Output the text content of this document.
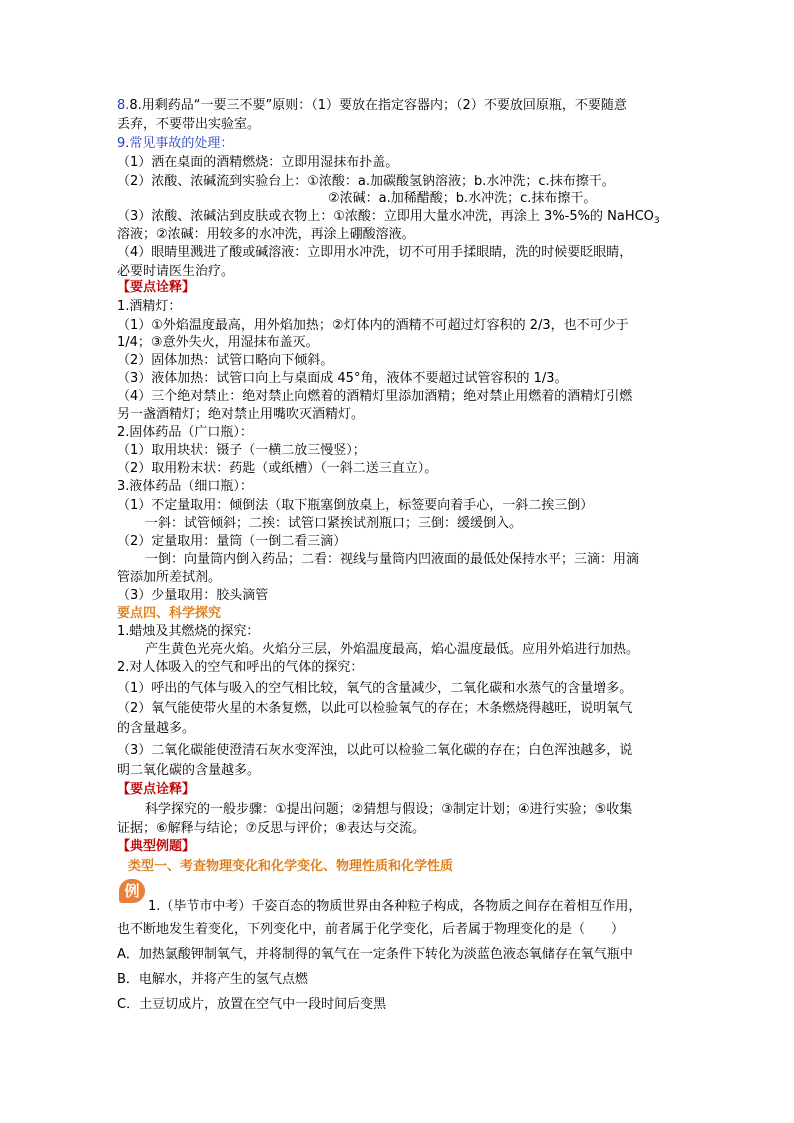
8.8.用剩药品“一要三不要”原则：（1）要放在指定容器内；（2）不要放回原瓶，不要随意
丢弃，不要带出实验室。
9.常见事故的处理：
（1）洒在桌面的酒精燃烧：立即用湿抹布扑盖。
（2）浓酸、浓碱流到实验台上：①浓酸：a.加碳酸氢钠溶液；b.水冲洗；c.抹布擦干。
②浓碱：a.加稀醋酸；b.水冲洗；c.抹布擦干。
（3）浓酸、浓碱沾到皮肤或衣物上：①浓酸：立即用大量水冲洗，再涂上 3%-5%的 NaHCO$_3$
溶液；②浓碱：用较多的水冲洗，再涂上硼酸溶液。
（4）眼睛里溅进了酸或碱溶液：立即用水冲洗，切不可用手揉眼睛，洗的时候要眨眼睛，
必要时请医生治疗。
【要点诠释】
1.酒精灯：
（1）①外焰温度最高，用外焰加热；②灯体内的酒精不可超过灯容积的 2/3，也不可少于
1/4；③意外失火，用湿抹布盖灭。
（2）固体加热：试管口略向下倾斜。
（3）液体加热：试管口向上与桌面成 45°角，液体不要超过试管容积的 1/3。
（4）三个绝对禁止：绝对禁止向燃着的酒精灯里添加酒精；绝对禁止用燃着的酒精灯引燃
另一盏酒精灯；绝对禁止用嘴吹灭酒精灯。
2.固体药品（广口瓶）：
（1）取用块状：镊子（一横二放三慢竖）；
（2）取用粉末状：药匙（或纸槽）（一斜二送三直立）。
3.液体药品（细口瓶）：
（1）不定量取用：倾倒法（取下瓶塞倒放桌上，标签要向着手心，一斜二挨三倒）
一斜：试管倾斜；二挨：试管口紧挨试剂瓶口；三倒：缓缓倒入。
（2）定量取用：量筒（一倒二看三滴）
一倒：向量筒内倒入药品；二看：视线与量筒内凹液面的最低处保持水平；三滴：用滴
管添加所差拭剂。
（3）少量取用：胶头滴管
要点四、科学探究
1.蜡烛及其燃烧的探究：
产生黄色光亮火焰。火焰分三层，外焰温度最高，焰心温度最低。应用外焰进行加热。
2.对人体吸入的空气和呼出的气体的探究：
（1）呼出的气体与吸入的空气相比较，氧气的含量减少，二氧化碳和水蒸气的含量增多。
（2）氧气能使带火星的木条复燃，以此可以检验氧气的存在；木条燃烧得越旺，说明氧气
的含量越多。
（3）二氧化碳能使澄清石灰水变浑浊，以此可以检验二氧化碳的存在；白色浑浊越多，说
明二氧化碳的含量越多。
【要点诠释】
科学探究的一般步骤：①提出问题；②猜想与假设；③制定计划；④进行实验；⑤收集
证据；⑥解释与结论；⑦反思与评价；⑧表达与交流。
【典型例题】
类型一、考查物理变化和化学变化、物理性质和化学性质
例
1.（毕节市中考）千姿百态的物质世界由各种粒子构成，各物质之间存在着相互作用，
也不断地发生着变化，下列变化中，前者属于化学变化，后者属于物理变化的是（　　）
A．加热氯酸钾制氧气，并将制得的氧气在一定条件下转化为淡蓝色液态氧储存在氧气瓶中
B．电解水，并将产生的氢气点燃
C．土豆切成片，放置在空气中一段时间后变黑
